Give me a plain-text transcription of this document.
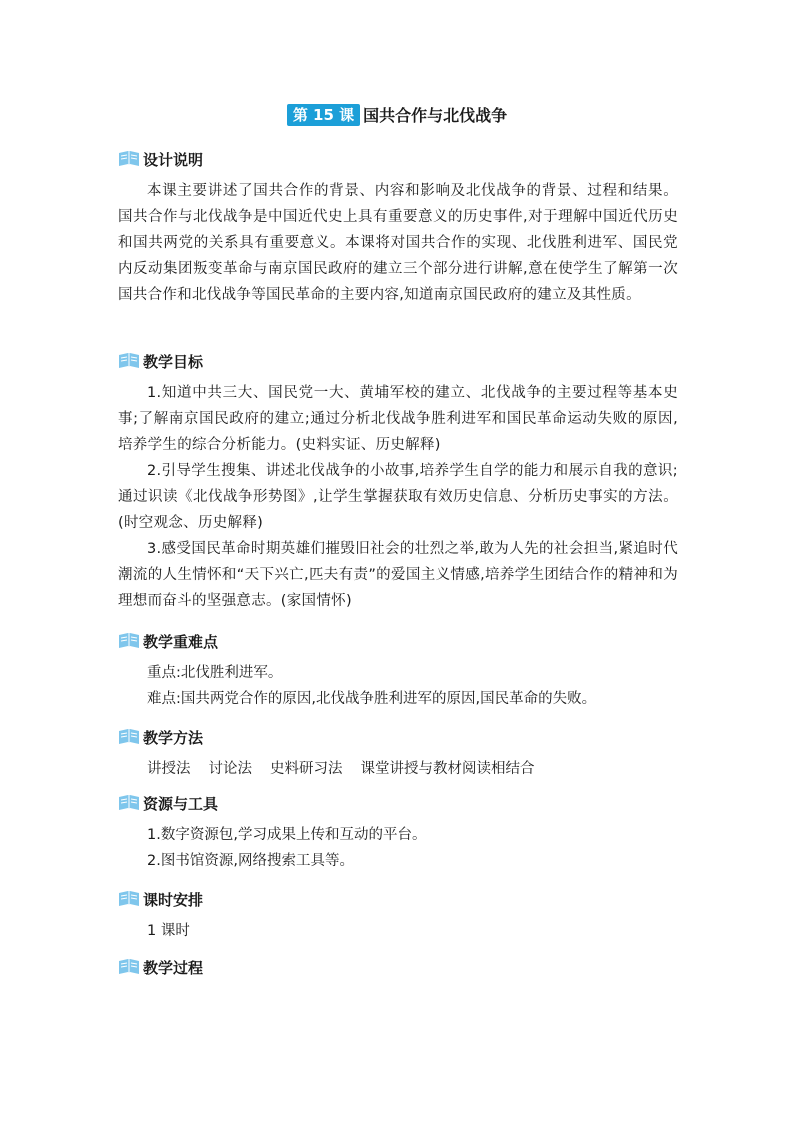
第 15 课 国共合作与北伐战争
设计说明

本课主要讲述了国共合作的背景、内容和影响及北伐战争的背景、过程和结果。国共合作与北伐战争是中国近代史上具有重要意义的历史事件,对于理解中国近代历史和国共两党的关系具有重要意义。本课将对国共合作的实现、北伐胜利进军、国民党内反动集团叛变革命与南京国民政府的建立三个部分进行讲解,意在使学生了解第一次国共合作和北伐战争等国民革命的主要内容,知道南京国民政府的建立及其性质。

教学目标

1.知道中共三大、国民党一大、黄埔军校的建立、北伐战争的主要过程等基本史事;了解南京国民政府的建立;通过分析北伐战争胜利进军和国民革命运动失败的原因,培养学生的综合分析能力。(史料实证、历史解释)

2.引导学生搜集、讲述北伐战争的小故事,培养学生自学的能力和展示自我的意识;通过识读《北伐战争形势图》,让学生掌握获取有效历史信息、分析历史事实的方法。(时空观念、历史解释)

3.感受国民革命时期英雄们摧毁旧社会的壮烈之举,敢为人先的社会担当,紧追时代潮流的人生情怀和“天下兴亡,匹夫有责”的爱国主义情感,培养学生团结合作的精神和为理想而奋斗的坚强意志。(家国情怀)

教学重难点

重点:北伐胜利进军。

难点:国共两党合作的原因,北伐战争胜利进军的原因,国民革命的失败。

教学方法
讲授法 讨论法 史料研习法 课堂讲授与教材阅读相结合
资源与工具

1.数字资源包,学习成果上传和互动的平台。

2.图书馆资源,网络搜索工具等。

课时安排

1 课时

教学过程
